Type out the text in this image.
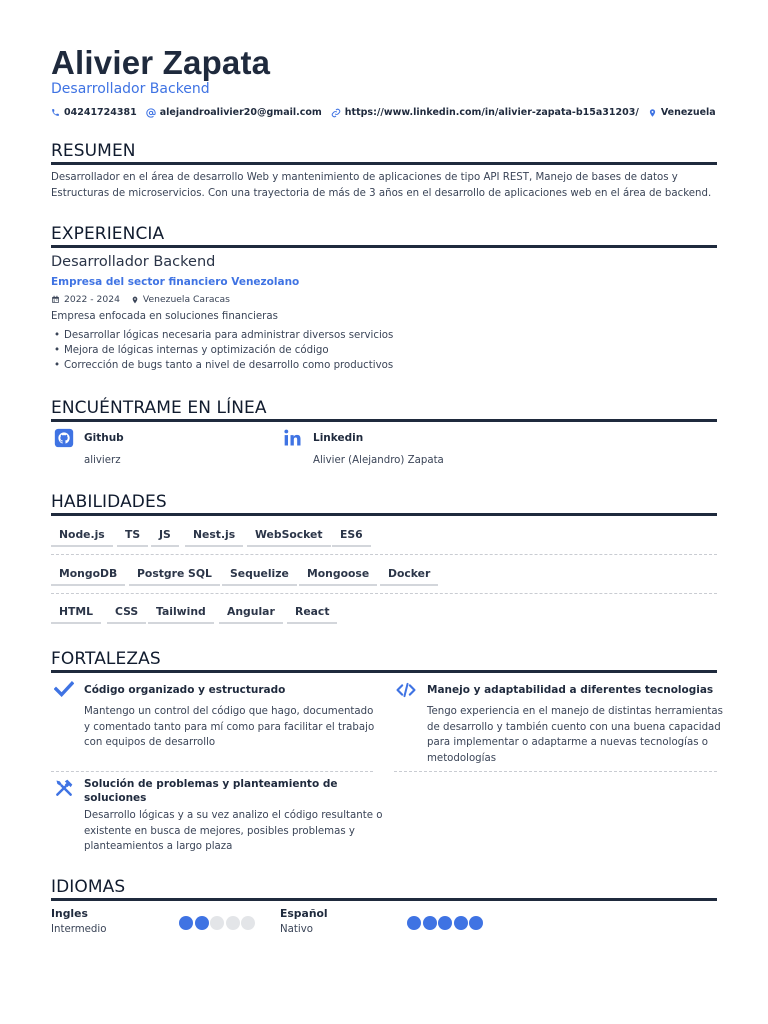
Alivier Zapata
Desarrollador Backend
04241724381 alejandroalivier20@gmail.com https://www.linkedin.com/in/alivier-zapata-b15a31203/ Venezuela
RESUMEN
Desarrollador en el área de desarrollo Web y mantenimiento de aplicaciones de tipo API REST, Manejo de bases de datos y Estructuras de microservicios. Con una trayectoria de más de 3 años en el desarrollo de aplicaciones web en el área de backend.
EXPERIENCIA
Desarrollador Backend
Empresa del sector financiero Venezolano
2022 - 2024	Venezuela Caracas
Empresa enfocada en soluciones financieras
• Desarrollar lógicas necesaria para administrar diversos servicios
• Mejora de lógicas internas y optimización de código
• Corrección de bugs tanto a nivel de desarrollo como productivos
ENCUÉNTRAME EN LÍNEA
Github
alivierz
Linkedin
Alivier (Alejandro) Zapata
HABILIDADES
Node.js	TS	JS	Nest.js	WebSocket	ES6
MongoDB	Postgre SQL	Sequelize	Mongoose	Docker
HTML	CSS	Tailwind	Angular	React
FORTALEZAS
Código organizado y estructurado
Mantengo un control del código que hago, documentado
y comentado tanto para mí como para facilitar el trabajo
con equipos de desarrollo
Manejo y adaptabilidad a diferentes tecnologias
Tengo experiencia en el manejo de distintas herramientas
de desarrollo y también cuento con una buena capacidad
para implementar o adaptarme a nuevas tecnologías o
metodologías
Solución de problemas y planteamiento de
soluciones
Desarrollo lógicas y a su vez analizo el código resultante o
existente en busca de mejores, posibles problemas y
planteamientos a largo plaza
IDIOMAS
Ingles
Intermedio
Español
Nativo
